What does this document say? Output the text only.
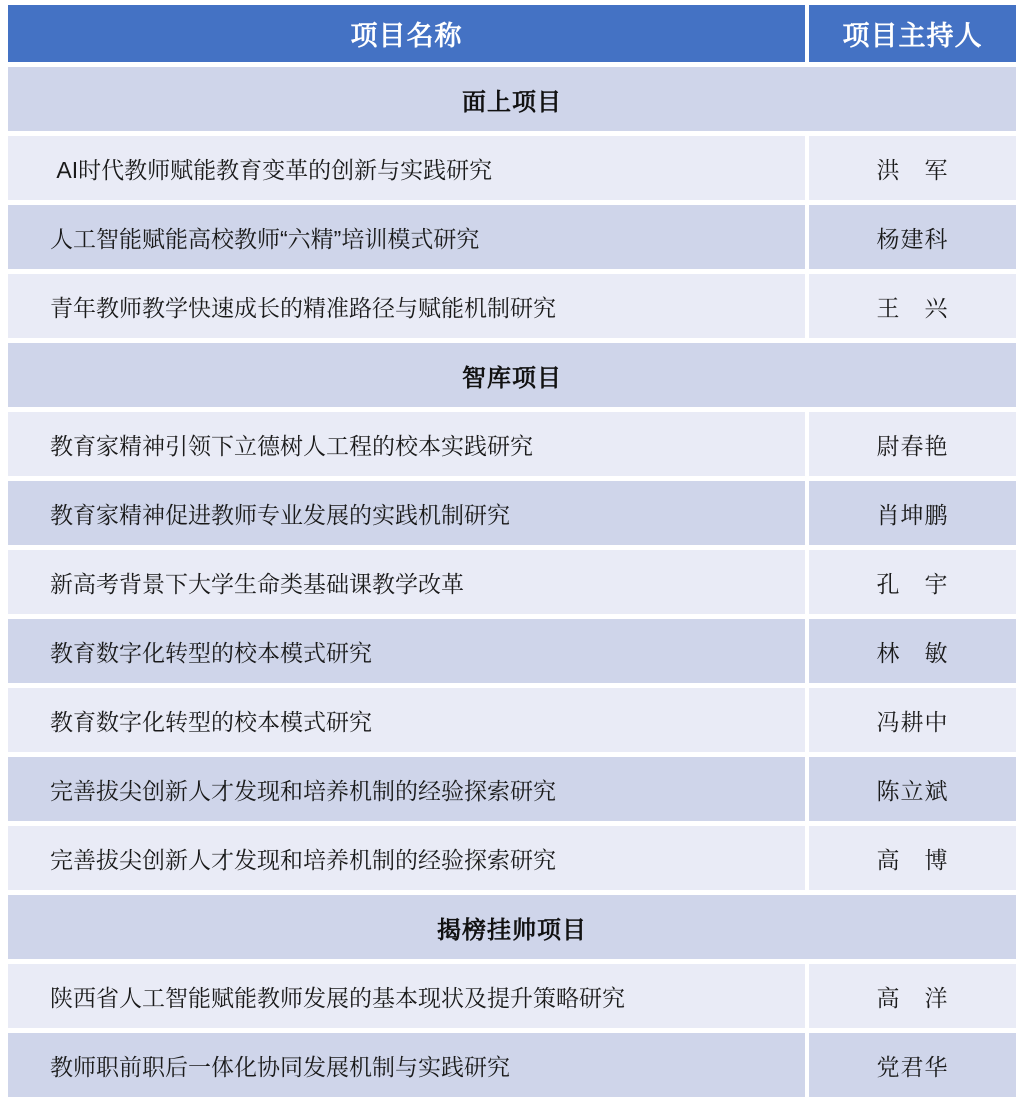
项目名称	项目主持人
面上项目	
AI时代教师赋能教育变革的创新与实践研究	洪　军
人工智能赋能高校教师“六精”培训模式研究	杨建科
青年教师教学快速成长的精准路径与赋能机制研究	王　兴
智库项目	
教育家精神引领下立德树人工程的校本实践研究	尉春艳
教育家精神促进教师专业发展的实践机制研究	肖坤鹏
新高考背景下大学生命类基础课教学改革	孔　宇
教育数字化转型的校本模式研究	林　敏
教育数字化转型的校本模式研究	冯耕中
完善拔尖创新人才发现和培养机制的经验探索研究	陈立斌
完善拔尖创新人才发现和培养机制的经验探索研究	高　博
揭榜挂帅项目	
陕西省人工智能赋能教师发展的基本现状及提升策略研究	高　洋
教师职前职后一体化协同发展机制与实践研究	党君华
